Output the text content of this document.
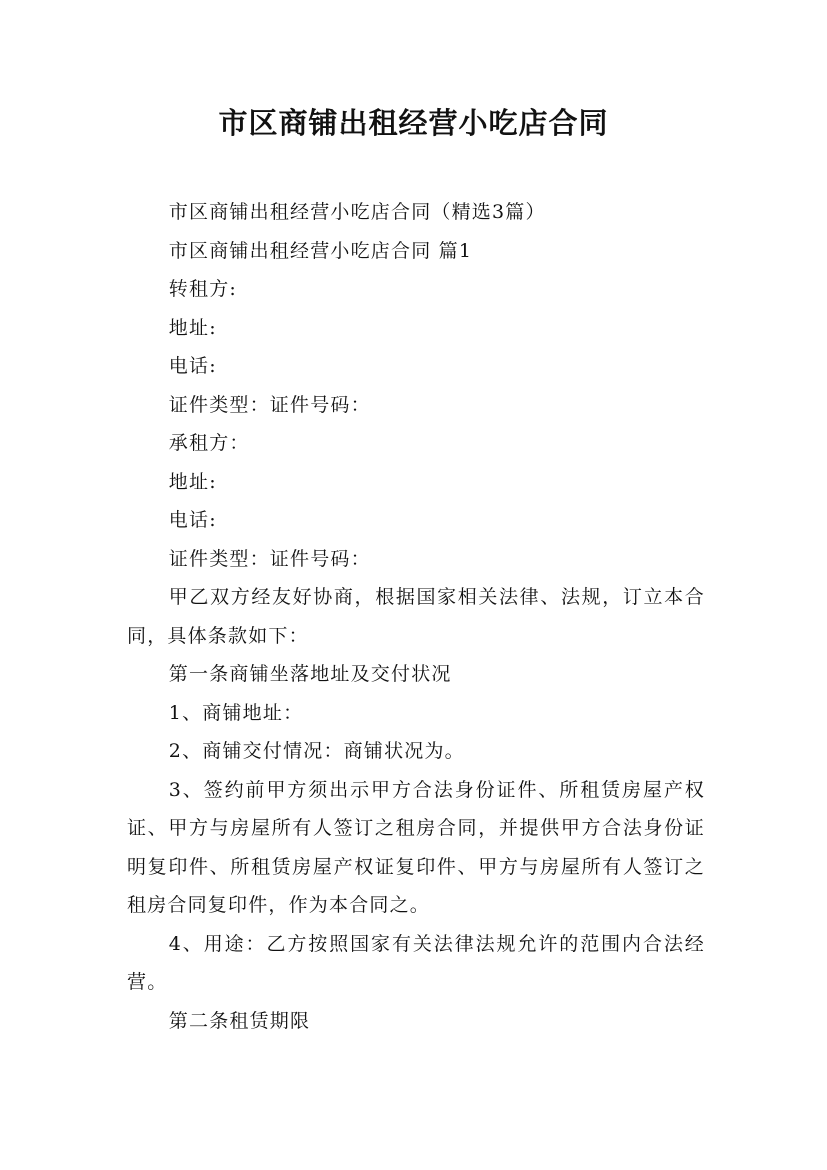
市区商铺出租经营小吃店合同

市区商铺出租经营小吃店合同（精选3篇）

市区商铺出租经营小吃店合同 篇1

转租方:

地址:

电话:

证件类型：证件号码：

承租方：

地址:

电话:

证件类型：证件号码：

甲乙双方经友好协商，根据国家相关法律、法规，订立本合同，具体条款如下：

第一条商铺坐落地址及交付状况

1、商铺地址：

2、商铺交付情况：商铺状况为。

3、签约前甲方须出示甲方合法身份证件、所租赁房屋产权证、甲方与房屋所有人签订之租房合同，并提供甲方合法身份证明复印件、所租赁房屋产权证复印件、甲方与房屋所有人签订之租房合同复印件，作为本合同之。

4、用途：乙方按照国家有关法律法规允许的范围内合法经营。

第二条租赁期限
